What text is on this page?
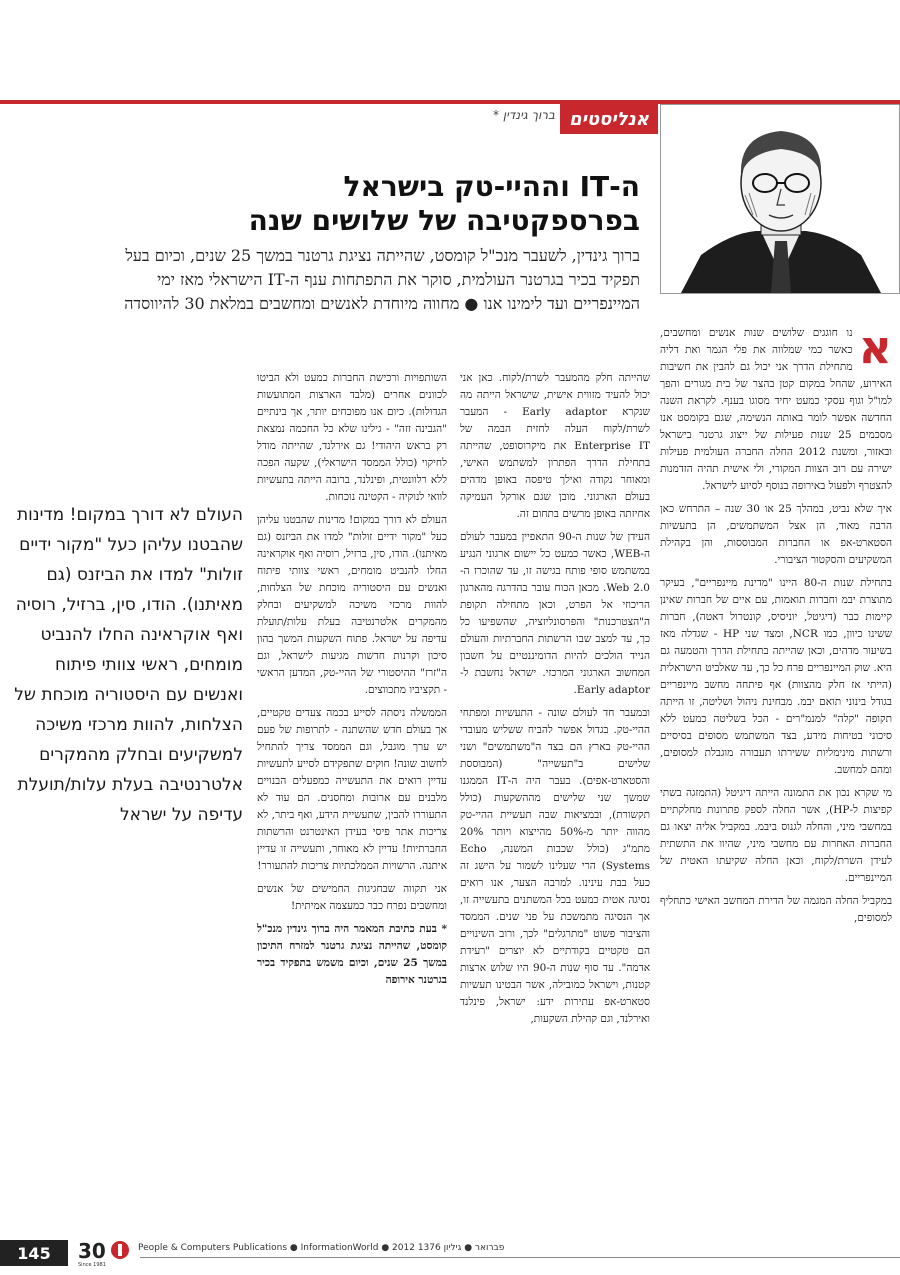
אנליסטים
ברוך גינדין *
ה-IT וההיי-טק בישראל
בפרספקטיבה של שלושים שנה
ברוך גינדין, לשעבר מנכ"ל קומסט, שהייתה נציגת גרטנר במשך 25 שנים, וכיום בעל תפקיד בכיר בגרטנר העולמית, סוקר את התפתחות ענף ה-IT הישראלי מאז ימי המיינפריים ועד לימינו אנו ● מחווה מיוחדת לאנשים ומחשבים במלאת 30 להיווסדה

א
נו חוגגים שלושים שנות אנשים ומחשבים, כאשר כמי שמלווה את פלי הגמר ואת דליה מתחילת הדרך אני יכול גם להבין את חשיבות האירוע, שהחל במקום קטן בהצר של בית מגורים והפך למו"ל וגוף עסקי כמעט יחיד מסוגו בענף. לקראת השנה החדשה אפשר לומר באותה הנשימה, שגם בקומסט אנו מסכמים 25 שנות פעילות של ייצוג גרטנר בישראל ובאזור, ומשנת 2012 החלה החברה העולמית פעילות ישירה עם רוב הצוות המקורי, ולי אישית תהיה הזדמנות להצטרף ולפעול באירופה בנוסף לסיוע לישראל.

איך שלא נביט, במהלך 25 או 30 שנה – התרחש כאן הרבה מאוד, הן אצל המשתמשים, הן בתעשיות הסטארט-אפ או החברות המבוססות, והן בקהילת המשקיעים והסקטור הציבורי.

בתחילת שנות ה-80 היינו "מדינת מיינפריים", בעיקר מתוצרת יבמ וחברות תואמות, עם איים של חברות שאינן קיימות כבר (דיגיטל, יוניסיס, קונטרול דאטה), חברות ששינו כיוון, כמו NCR, ומצד שני HP - שגדלה מאז בשיעור מדהים, וכאן שהייתה בתחילת הדרך והטמעה גם היא. שוק המיינפריים פרח כל כך, עד שאלביט הישראלית (הייתי אז חלק מהצוות) אף פיתחה מחשב מיינפריים בגודל בינוני תואם יבמ. מבחינת ניהול ושליטה, זו הייתה תקופה "קלה" למנמ"רים - הכל בשליטה כמעט ללא סיכוני בטיחות מידע, בצד המשתמש מסופים בסיסיים ורשתות מינימליות ששירתו תעבורה מוגבלת למסופים, ומהם למחשב.

מי שקרא נכון את התמונה הייתה דיגיטל (התמזגה בשתי קפיצות ל-HP), אשר החלה לספק פתרונות מחלקתיים במחשבי מיני, והחלה לגנוס ביבמ. במקביל אליה יצאו גם החברות האחרות עם מחשבי מיני, שהיוו את התשתית לעידן השרת/לקוח, וכאן החלה שקיעתו האטית של המיינפריים.

במקביל החלה המגמה של הדירת המחשב האישי כתחליף למסופים,

שהייתה חלק מהמעבר לשרת/לקוח. כאן אני יכול להעיד מזווית אישית, שישראל הייתה מה שנקרא Early adaptor - המעבר לשרת/לקוח העלה לחזית הבמה של Enterprise IT את מיקרוסופט, שהייתה בתחילת הדרך הפתרון למשתמש האישי, ומאוחר נקודה ואילך טיפסה באופן מדהים בעולם הארגוני. מובן שגם אורקל העמיקה אחיזתה באופן מרשים בתחום זה.

העידן של שנות ה-90 התאפיין במעבר לעולם ה-WEB, כאשר כמעט כל יישום ארגוני הנגיע במשתמש סופי פותח בגישה זו, עד שהוכרז ה-Web 2.0. מכאן הכוח עובר בהדרגה מהארגון הריכוזי אל הפרט, וכאן מתחילה תקופת ה"הצטרכנות" והפרסונליזציה, שהשפיעו כל כך, עד למצב שבו הרשתות החברתיות והעולם הנייד הולכים להיות הדומיננטיים על חשבון המחשוב הארגוני המרכזי. ישראל נחשבת ל-Early adaptor.

ובמעבר חד לעולם שונה - התעשיות ומפתחי ההיי-טק. בגדול אפשר להביח ששליש מעובדי ההיי-טק בארץ הם בצד ה"משתמשים" ושני שלישים ב"תעשייה" (המבוססת והסטארט-אפים). בעבר היה ה-IT הממגנו שמשך שני שלישים מההשקעות (כולל תקשורת), ובמציאות שבה תעשיית ההיי-טק מהווה יותר מ-50% מהייצוא ויותר 20% מתמ"ג (כולל שכבות המשנה, Echo Systems) הרי שעלינו לשמור על הישג זה כעל בבת עינינו. למרבה הצער, אנו רואים נסיגה אטית כמעט בכל המשתנים בתעשייה זו, אך הנסיגה מתמשכת על פני שנים. הממסד והציבור פשוט "מתרגלים" לכך, ורוב השינויים הם טקטיים בקודתיים לא יוצרים "רעידת אדמה". עד סוף שנות ה-90 היו שלוש ארצות קטנות, וישראל כמובילה, אשר הבטינו תעשיות סטארט-אפ עתירות ידע: ישראל, פינלנד ואירלנד, וגם קהילת השקעות,

השותפויות ורכישת החברות כמעט ולא הביטו לכוונים אחרים (מלבד הארצות המתועשות הגדולות). כיום אנו מפוכחים יותר, אך בינתיים "הגבינה זזה" - גילינו שלא כל החכמה נמצאת רק בראש היהודי! גם אירלנד, שהייתה מודל לחיקוי (כולל הממסד הישראלי), שקעה הפכה ללא רלוונטית, ופינלנד, ברובה הייתה בתעשיות לוואי לנוקיה - הקטינה נוכחות.

העולם לא דורך במקום! מדינות שהבטנו עליהן כעל "מקור ידיים זולות" למדו את הביזנס (גם מאיתנו). הודו, סין, ברזיל, רוסיה ואף אוקראינה החלו להנביט מומחים, ראשי צוותי פיתוח ואנשים עם היסטוריה מוכחת של הצלחות, להוות מרכזי משיכה למשקיעים ובחלק מהמקרים אלטרנטיבה בעלת עלות/תועלת עדיפה על ישראל. פתוח השקעות המשך בהון סיכון וקרנות חדשות מגיעות לישראל, וגם ה"זרז" ההיסטורי של ההיי-טק, המדען הראשי - תקציביו מתכווצים.

הממשלה ניסתה לסייע בכמה צעדים טקטיים, אך בעולם חדש שהשתנה - לתרופות של פעם יש ערך מוגבל, וגם הממסד צריך להתחיל לחשוב שונה! חוקים שתפקידם לסייע לתעשיות עדיין רואים את התעשייה כמפעלים הבנויים מלבנים עם ארובות ומחסנים. הם עוד לא התעוררו להבין, שתעשיית הידע, ואף ביתר, לא צריכות אתר פיסי בעידן האינטרנט והרשתות החברתיות! עדיין לא מאוחר, ותעשייה זו עדיין איתנה. הרשויות הממלכתיות צריכות להתעורר!

אני תקווה שבחגיגות החמישים של אנשים ומחשבים נפרח כבר כמעצמה אמיתית!

* בעת כתיבת המאמר היה ברוך גינדין מנכ"ל קומסט, שהייתה נציגת גרטנר למזרח התיכון במשך 25 שנים, וכיום משמש בתפקיד בכיר בגרטנר אירופה

העולם לא דורך במקום! מדינות שהבטנו עליהן כעל "מקור ידיים זולות" למדו את הביזנס (גם מאיתנו). הודו, סין, ברזיל, רוסיה ואף אוקראינה החלו להנביט מומחים, ראשי צוותי פיתוח ואנשים עם היסטוריה מוכחת של הצלחות, להוות מרכזי משיכה למשקיעים ובחלק מהמקרים אלטרנטיבה בעלת עלות/תועלת עדיפה על ישראל
145	30
Since 1981
People & Computers Publications ● InformationWorld ● 2012 פברואר ● גיליון 1376
